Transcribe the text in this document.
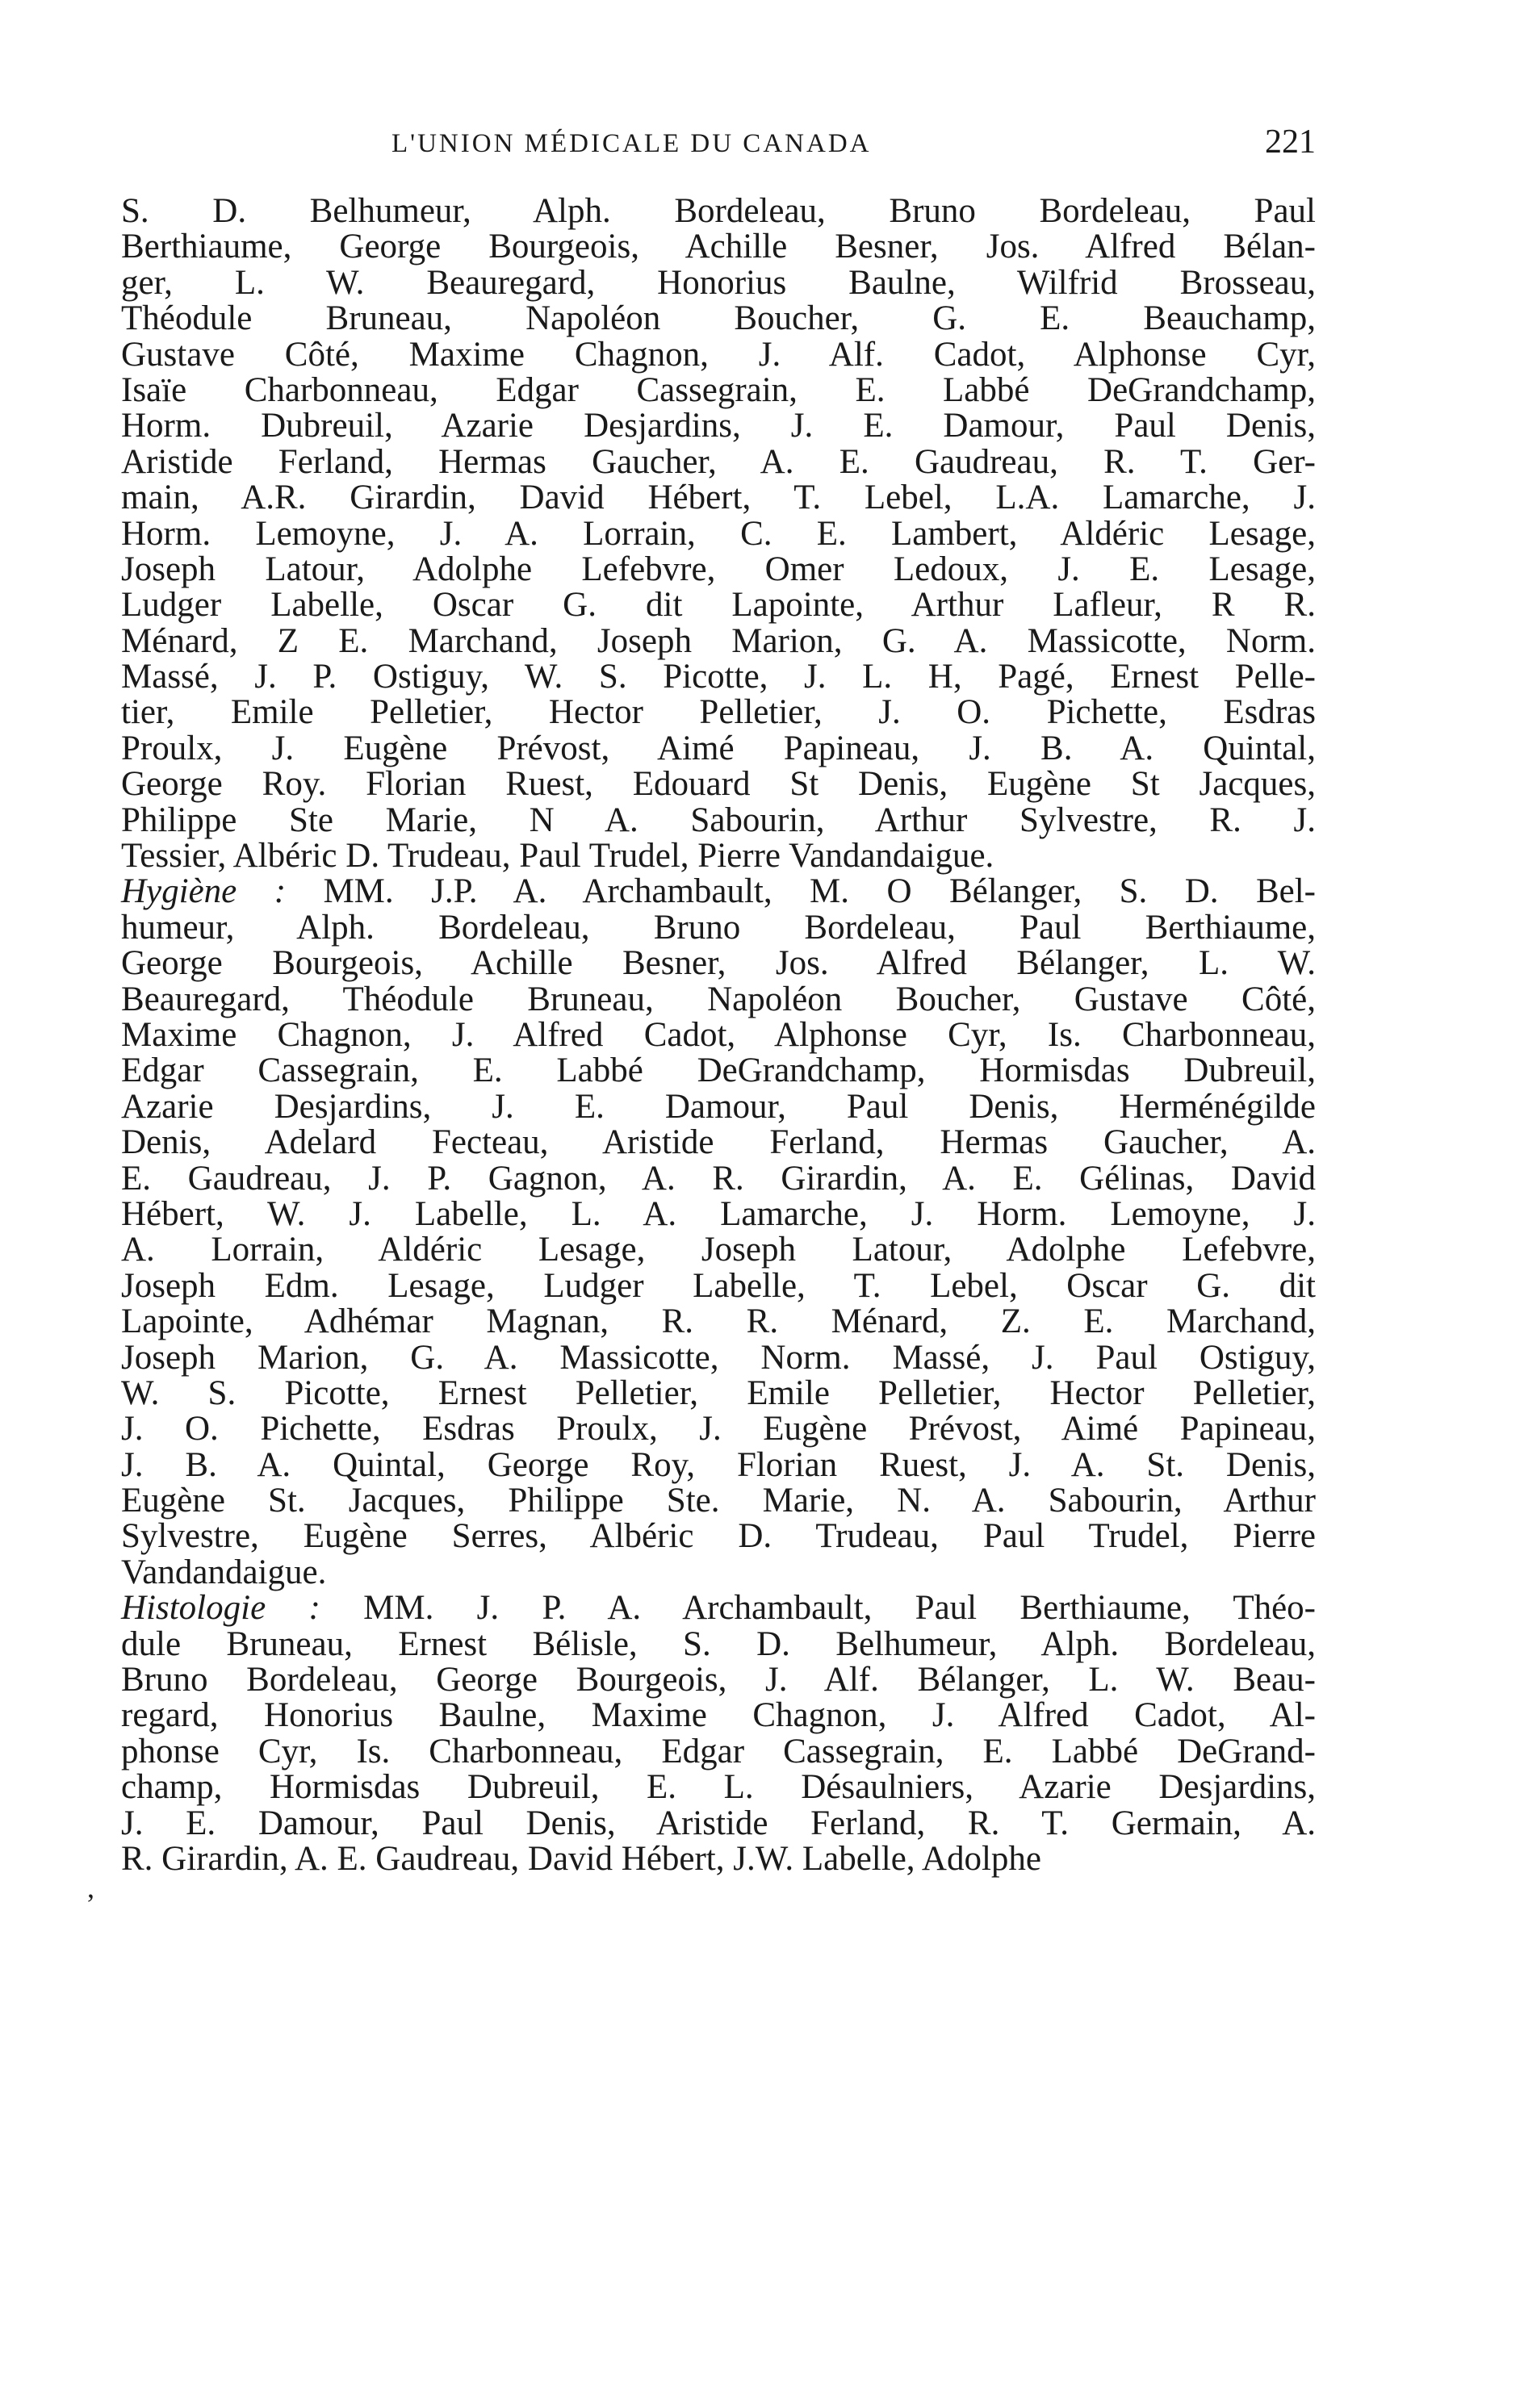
L'UNION MÉDICALE DU CANADA	221
,
S. D. Belhumeur, Alph. Bordeleau, Bruno Bordeleau, Paul
Berthiaume, George Bourgeois, Achille Besner, Jos. Alfred Bélan-
ger, L. W. Beauregard, Honorius Baulne, Wilfrid Brosseau,
Théodule Bruneau, Napoléon Boucher, G. E. Beauchamp,
Gustave Côté, Maxime Chagnon, J. Alf. Cadot, Alphonse Cyr,
Isaïe Charbonneau, Edgar Cassegrain, E. Labbé DeGrandchamp,
Horm. Dubreuil, Azarie Desjardins, J. E. Damour, Paul Denis,
Aristide Ferland, Hermas Gaucher, A. E. Gaudreau, R. T. Ger-
main, A.R. Girardin, David Hébert, T. Lebel, L.A. Lamarche, J.
Horm. Lemoyne, J. A. Lorrain, C. E. Lambert, Aldéric Lesage,
Joseph Latour, Adolphe Lefebvre, Omer Ledoux, J. E. Lesage,
Ludger Labelle, Oscar G. dit Lapointe, Arthur Lafleur, R R.
Ménard, Z E. Marchand, Joseph Marion, G. A. Massicotte, Norm.
Massé, J. P. Ostiguy, W. S. Picotte, J. L. H, Pagé, Ernest Pelle-
tier, Emile Pelletier, Hector Pelletier, J. O. Pichette, Esdras
Proulx, J. Eugène Prévost, Aimé Papineau, J. B. A. Quintal,
George Roy. Florian Ruest, Edouard St Denis, Eugène St Jacques,
Philippe Ste Marie, N A. Sabourin, Arthur Sylvestre, R. J.
Tessier, Albéric D. Trudeau, Paul Trudel, Pierre Vandandaigue.
Hygiène : MM. J.P. A. Archambault, M. O Bélanger, S. D. Bel-
humeur, Alph. Bordeleau, Bruno Bordeleau, Paul Berthiaume,
George Bourgeois, Achille Besner, Jos. Alfred Bélanger, L. W.
Beauregard, Théodule Bruneau, Napoléon Boucher, Gustave Côté,
Maxime Chagnon, J. Alfred Cadot, Alphonse Cyr, Is. Charbonneau,
Edgar Cassegrain, E. Labbé DeGrandchamp, Hormisdas Dubreuil,
Azarie Desjardins, J. E. Damour, Paul Denis, Herménégilde
Denis, Adelard Fecteau, Aristide Ferland, Hermas Gaucher, A.
E. Gaudreau, J. P. Gagnon, A. R. Girardin, A. E. Gélinas, David
Hébert, W. J. Labelle, L. A. Lamarche, J. Horm. Lemoyne, J.
A. Lorrain, Aldéric Lesage, Joseph Latour, Adolphe Lefebvre,
Joseph Edm. Lesage, Ludger Labelle, T. Lebel, Oscar G. dit
Lapointe, Adhémar Magnan, R. R. Ménard, Z. E. Marchand,
Joseph Marion, G. A. Massicotte, Norm. Massé, J. Paul Ostiguy,
W. S. Picotte, Ernest Pelletier, Emile Pelletier, Hector Pelletier,
J. O. Pichette, Esdras Proulx, J. Eugène Prévost, Aimé Papineau,
J. B. A. Quintal, George Roy, Florian Ruest, J. A. St. Denis,
Eugène St. Jacques, Philippe Ste. Marie, N. A. Sabourin, Arthur
Sylvestre, Eugène Serres, Albéric D. Trudeau, Paul Trudel, Pierre
Vandandaigue.
Histologie : MM. J. P. A. Archambault, Paul Berthiaume, Théo-
dule Bruneau, Ernest Bélisle, S. D. Belhumeur, Alph. Bordeleau,
Bruno Bordeleau, George Bourgeois, J. Alf. Bélanger, L. W. Beau-
regard, Honorius Baulne, Maxime Chagnon, J. Alfred Cadot, Al-
phonse Cyr, Is. Charbonneau, Edgar Cassegrain, E. Labbé DeGrand-
champ, Hormisdas Dubreuil, E. L. Désaulniers, Azarie Desjardins,
J. E. Damour, Paul Denis, Aristide Ferland, R. T. Germain, A.
R. Girardin, A. E. Gaudreau, David Hébert, J.W. Labelle, Adolphe
